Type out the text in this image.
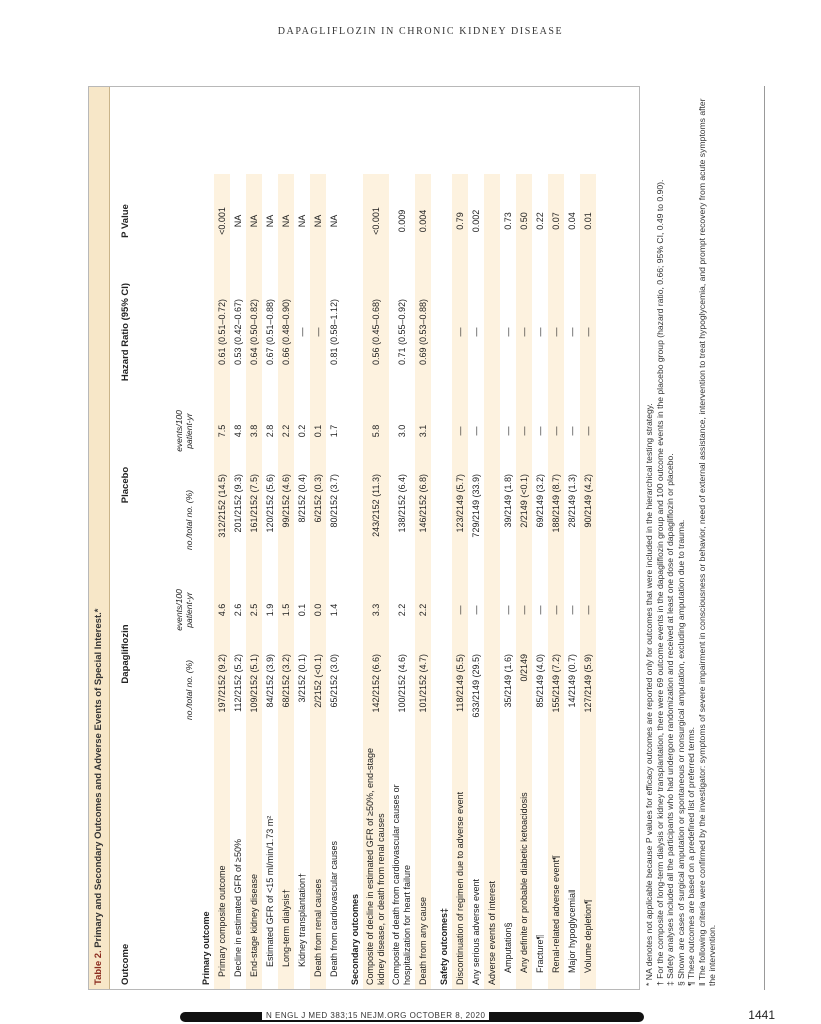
DAPAGLIFLOZIN IN CHRONIC KIDNEY DISEASE
Table 2. Primary and Secondary Outcomes and Adverse Events of Special Interest.*
Outcome
Dapagliflozin
no./total no. (%)
events/100 patient-yr
Placebo
no./total no. (%)
events/100 patient-yr
Hazard Ratio (95% CI)
P Value
Primary outcome Primary composite outcome
197/2152 (9.2)
4.6
312/2152 (14.5)
7.5
0.61 (0.51–0.72)
<0.001
Decline in estimated GFR of ≥50%
112/2152 (5.2)
2.6
201/2152 (9.3)
4.8
0.53 (0.42–0.67)
NA
End-stage kidney disease
109/2152 (5.1)
2.5
161/2152 (7.5)
3.8
0.64 (0.50–0.82)
NA
Estimated GFR of <15 ml/min/1.73 m²
84/2152 (3.9)
1.9
120/2152 (5.6)
2.8
0.67 (0.51–0.88)
NA
Long-term dialysis†
68/2152 (3.2)
1.5
99/2152 (4.6)
2.2
0.66 (0.48–0.90)
NA
Kidney transplantation†
3/2152 (0.1)
0.1
8/2152 (0.4)
0.2
—
NA
Death from renal causes
2/2152 (<0.1)
0.0
6/2152 (0.3)
0.1
—
NA
Death from cardiovascular causes
65/2152 (3.0)
1.4
80/2152 (3.7)
1.7
0.81 (0.58–1.12)
NA
Secondary outcomes Composite of decline in estimated GFR of ≥50%, end-stage kidney disease, or death from renal causes
142/2152 (6.6)
3.3
243/2152 (11.3)
5.8
0.56 (0.45–0.68)
<0.001
Composite of death from cardiovascular causes or hospitalization for heart failure
100/2152 (4.6)
2.2
138/2152 (6.4)
3.0
0.71 (0.55–0.92)
0.009
Death from any cause
101/2152 (4.7)
2.2
146/2152 (6.8)
3.1
0.69 (0.53–0.88)
0.004
Safety outcomes‡ Discontinuation of regimen due to adverse event
118/2149 (5.5)
—
123/2149 (5.7)
—
—
0.79
Any serious adverse event
633/2149 (29.5)
—
729/2149 (33.9)
—
—
0.002
Adverse events of interest Amputation§
35/2149 (1.6)
—
39/2149 (1.8)
—
—
0.73
Any definite or probable diabetic ketoacidosis
0/2149
—
2/2149 (<0.1)
—
—
0.50
Fracture¶
85/2149 (4.0)
—
69/2149 (3.2)
—
—
0.22
Renal-related adverse event¶
155/2149 (7.2)
—
188/2149 (8.7)
—
—
0.07
Major hypoglycemia‖
14/2149 (0.7)
—
28/2149 (1.3)
—
—
0.04
Volume depletion¶
127/2149 (5.9)
—
90/2149 (4.2)
—
—
0.01

* NA denotes not applicable because P values for efficacy outcomes are reported only for outcomes that were included in the hierarchical testing strategy. † For the composite of long-term dialysis or kidney transplantation, there were 69 outcome events in the dapagliflozin group and 100 outcome events in the placebo group (hazard ratio, 0.66; 95% CI, 0.49 to 0.90). ‡ Safety analyses included all the participants who had undergone randomization and received at least one dose of dapagliflozin or placebo. § Shown are cases of surgical amputation or spontaneous or nonsurgical amputation, excluding amputation due to trauma. ¶ These outcomes are based on a predefined list of preferred terms. ‖ The following criteria were confirmed by the investigator: symptoms of severe impairment in consciousness or behavior, need of external assistance, intervention to treat hypoglycemia, and prompt recovery from acute symptoms after the intervention.

N ENGL J MED 383;15 NEJM.ORG OCTOBER 8, 2020	1441
